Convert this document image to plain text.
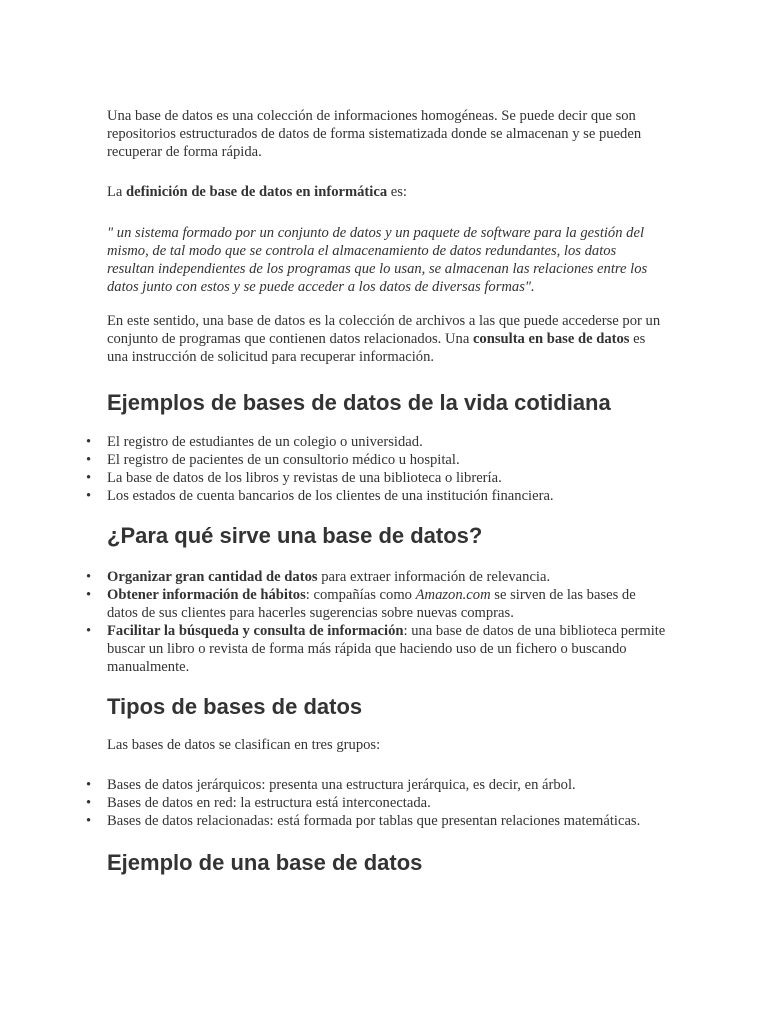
Una base de datos es una colección de informaciones homogéneas. Se puede decir que son repositorios estructurados de datos de forma sistematizada donde se almacenan y se pueden recuperar de forma rápida.

La definición de base de datos en informática es:

" un sistema formado por un conjunto de datos y un paquete de software para la gestión del mismo, de tal modo que se controla el almacenamiento de datos redundantes, los datos resultan independientes de los programas que lo usan, se almacenan las relaciones entre los datos junto con estos y se puede acceder a los datos de diversas formas".

En este sentido, una base de datos es la colección de archivos a las que puede accederse por un conjunto de programas que contienen datos relacionados. Una consulta en base de datos es una instrucción de solicitud para recuperar información.

Ejemplos de bases de datos de la vida cotidiana
• El registro de estudiantes de un colegio o universidad.
• El registro de pacientes de un consultorio médico u hospital.
• La base de datos de los libros y revistas de una biblioteca o librería.
• Los estados de cuenta bancarios de los clientes de una institución financiera.
¿Para qué sirve una base de datos?
• Organizar gran cantidad de datos para extraer información de relevancia.
• Obtener información de hábitos: compañías como Amazon.com se sirven de las bases de datos de sus clientes para hacerles sugerencias sobre nuevas compras.
• Facilitar la búsqueda y consulta de información: una base de datos de una biblioteca permite buscar un libro o revista de forma más rápida que haciendo uso de un fichero o buscando manualmente.
Tipos de bases de datos

Las bases de datos se clasifican en tres grupos:

• Bases de datos jerárquicos: presenta una estructura jerárquica, es decir, en árbol.
• Bases de datos en red: la estructura está interconectada.
• Bases de datos relacionadas: está formada por tablas que presentan relaciones matemáticas.
Ejemplo de una base de datos
